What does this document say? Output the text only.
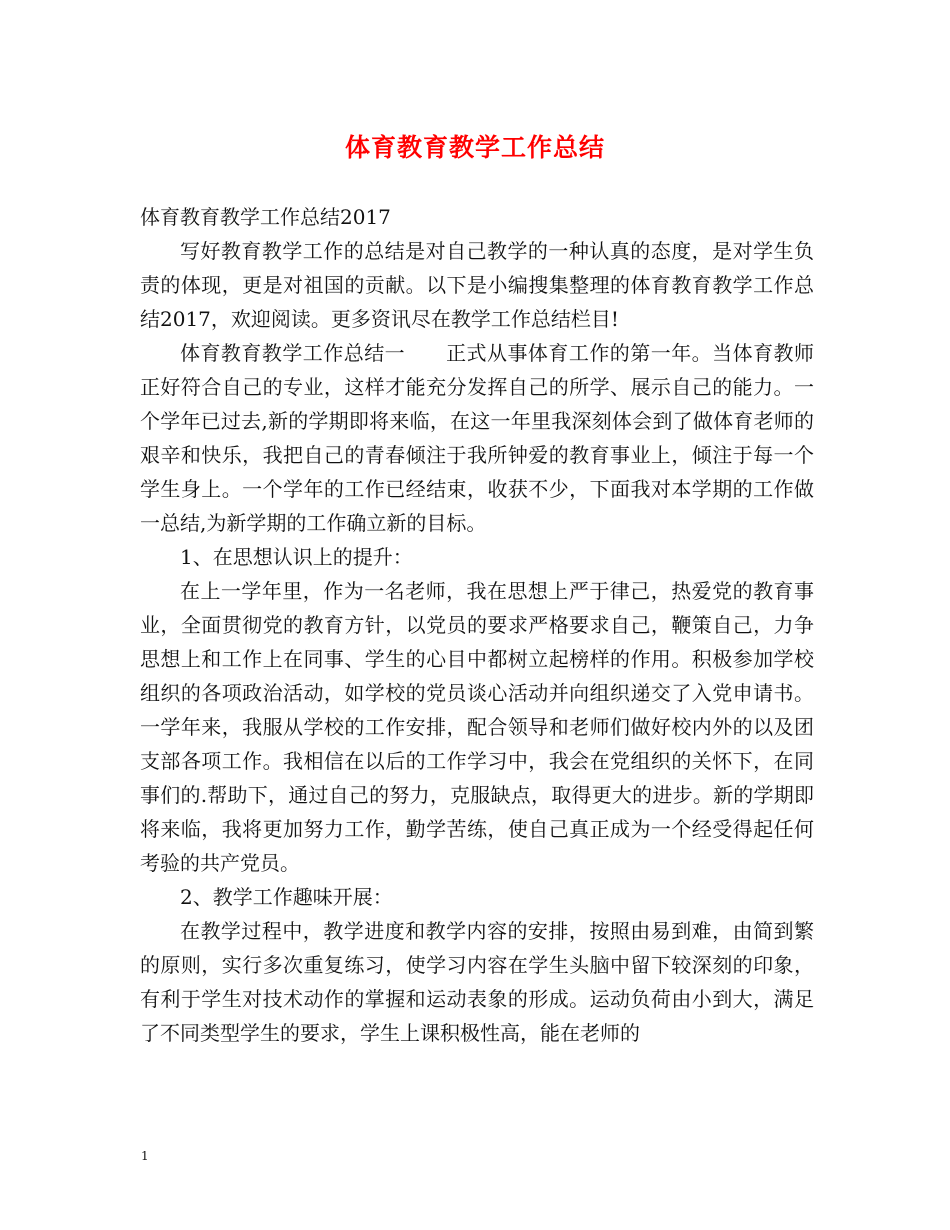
体育教育教学工作总结

体育教育教学工作总结2017

写好教育教学工作的总结是对自己教学的一种认真的态度，是对学生负责的体现，更是对祖国的贡献。以下是小编搜集整理的体育教育教学工作总结2017，欢迎阅读。更多资讯尽在教学工作总结栏目!

体育教育教学工作总结一　　正式从事体育工作的第一年。当体育教师正好符合自己的专业，这样才能充分发挥自己的所学、展示自己的能力。一个学年已过去,新的学期即将来临，在这一年里我深刻体会到了做体育老师的艰辛和快乐，我把自己的青春倾注于我所钟爱的教育事业上，倾注于每一个学生身上。一个学年的工作已经结束，收获不少，下面我对本学期的工作做一总结,为新学期的工作确立新的目标。

1、在思想认识上的提升：

在上一学年里，作为一名老师，我在思想上严于律己，热爱党的教育事业，全面贯彻党的教育方针，以党员的要求严格要求自己，鞭策自己，力争思想上和工作上在同事、学生的心目中都树立起榜样的作用。积极参加学校组织的各项政治活动，如学校的党员谈心活动并向组织递交了入党申请书。一学年来，我服从学校的工作安排，配合领导和老师们做好校内外的以及团支部各项工作。我相信在以后的工作学习中，我会在党组织的关怀下，在同事们的.帮助下，通过自己的努力，克服缺点，取得更大的进步。新的学期即将来临，我将更加努力工作，勤学苦练，使自己真正成为一个经受得起任何考验的共产党员。

2、教学工作趣味开展：

在教学过程中，教学进度和教学内容的安排，按照由易到难，由简到繁的原则，实行多次重复练习，使学习内容在学生头脑中留下较深刻的印象，有利于学生对技术动作的掌握和运动表象的形成。运动负荷由小到大，满足了不同类型学生的要求，学生上课积极性高，能在老师的

1
